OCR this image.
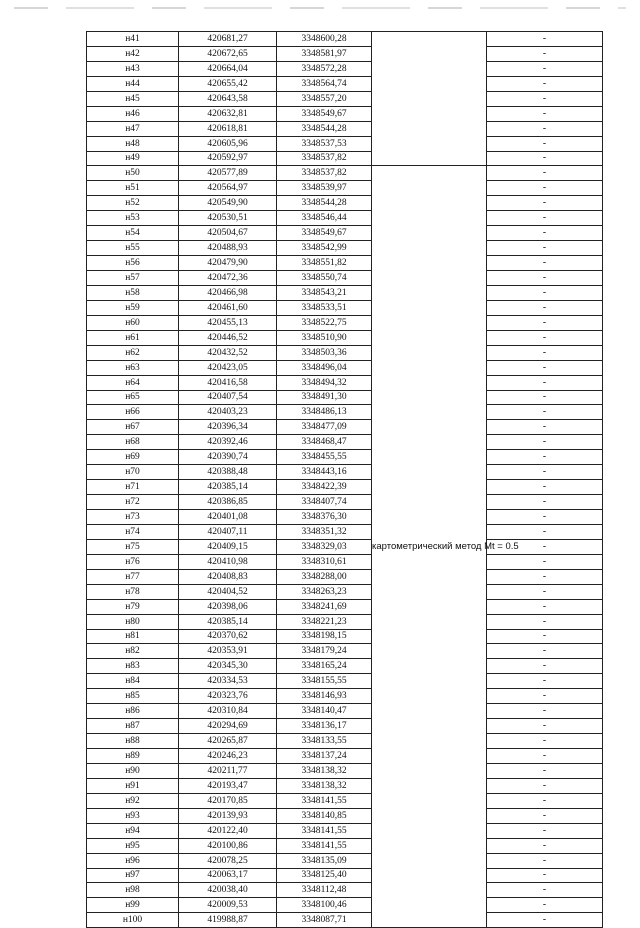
н41	420681,27	3348600,28		-
н42	420672,65	3348581,97		-
н43	420664,04	3348572,28		-
н44	420655,42	3348564,74		-
н45	420643,58	3348557,20		-
н46	420632,81	3348549,67		-
н47	420618,81	3348544,28		-
н48	420605,96	3348537,53		-
н49	420592,97	3348537,82		-
н50	420577,89	3348537,82	картометрический метод Mt = 0.5	-
н51	420564,97	3348539,97		-
н52	420549,90	3348544,28		-
н53	420530,51	3348546,44		-
н54	420504,67	3348549,67		-
н55	420488,93	3348542,99		-
н56	420479,90	3348551,82		-
н57	420472,36	3348550,74		-
н58	420466,98	3348543,21		-
н59	420461,60	3348533,51		-
н60	420455,13	3348522,75		-
н61	420446,52	3348510,90		-
н62	420432,52	3348503,36		-
н63	420423,05	3348496,04		-
н64	420416,58	3348494,32		-
н65	420407,54	3348491,30		-
н66	420403,23	3348486,13		-
н67	420396,34	3348477,09		-
н68	420392,46	3348468,47		-
н69	420390,74	3348455,55		-
н70	420388,48	3348443,16		-
н71	420385,14	3348422,39		-
н72	420386,85	3348407,74		-
н73	420401,08	3348376,30		-
н74	420407,11	3348351,32		-
н75	420409,15	3348329,03		-
н76	420410,98	3348310,61		-
н77	420408,83	3348288,00		-
н78	420404,52	3348263,23		-
н79	420398,06	3348241,69		-
н80	420385,14	3348221,23		-
н81	420370,62	3348198,15		-
н82	420353,91	3348179,24		-
н83	420345,30	3348165,24		-
н84	420334,53	3348155,55		-
н85	420323,76	3348146,93		-
н86	420310,84	3348140,47		-
н87	420294,69	3348136,17		-
н88	420265,87	3348133,55		-
н89	420246,23	3348137,24		-
н90	420211,77	3348138,32		-
н91	420193,47	3348138,32		-
н92	420170,85	3348141,55		-
н93	420139,93	3348140,85		-
н94	420122,40	3348141,55		-
н95	420100,86	3348141,55		-
н96	420078,25	3348135,09		-
н97	420063,17	3348125,40		-
н98	420038,40	3348112,48		-
н99	420009,53	3348100,46		-
н100	419988,87	3348087,71		-
